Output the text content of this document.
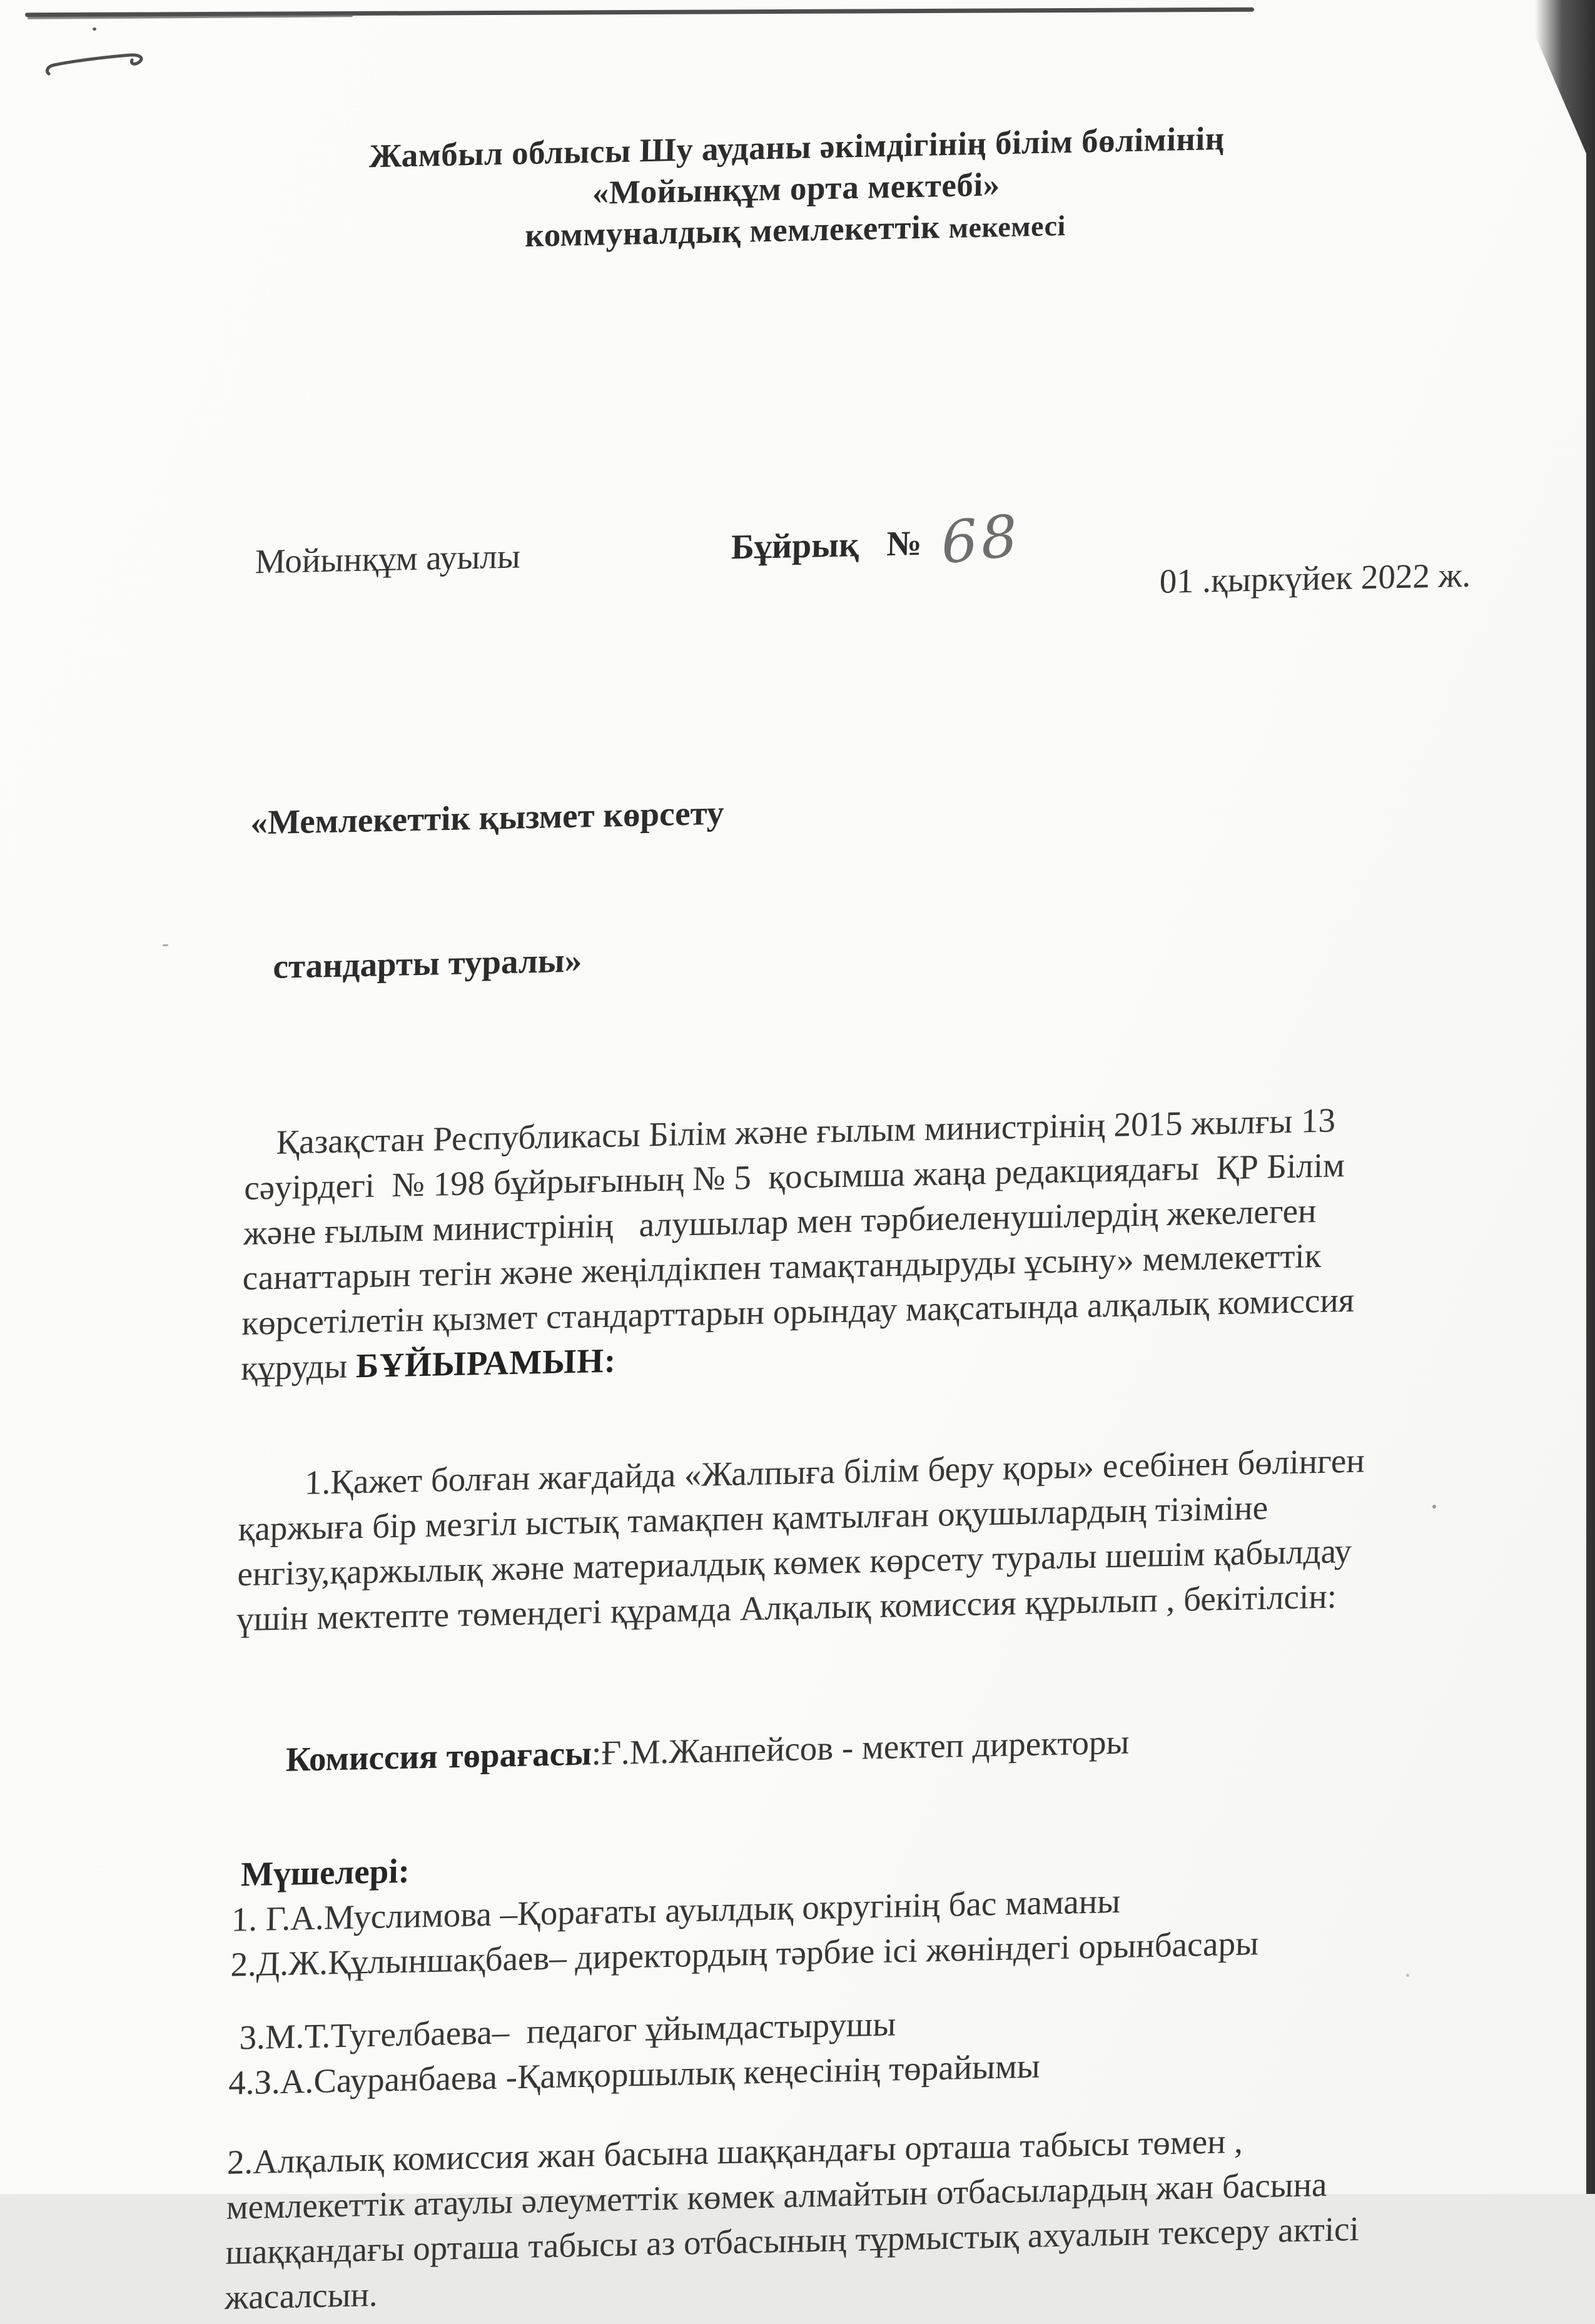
Жамбыл облысы Шу ауданы әкімдігінің білім бөлімінің
«Мойынқұм орта мектебі»
коммуналдық мемлекеттік мекемесі

Бұйрық № 68

Мойынқұм ауылы	01 .қыркүйек 2022 ж.

«Мемлекеттік қызмет көрсету

стандарты туралы»

Қазақстан Республикасы Білім және ғылым министрінің 2015 жылғы 13
сәуірдегі  № 198 бұйрығының № 5  қосымша жаңа редакциядағы  ҚР Білім
және ғылым министрінің   алушылар мен тәрбиеленушілердің жекелеген
санаттарын тегін және жеңілдікпен тамақтандыруды ұсыну» мемлекеттік
көрсетілетін қызмет стандарттарын орындау мақсатында алқалық комиссия
құруды БҰЙЫРАМЫН:
1.Қажет болған жағдайда «Жалпыға білім беру қоры» есебінен бөлінген
қаржыға бір мезгіл ыстық тамақпен қамтылған оқушылардың тізіміне
енгізу,қаржылық және материалдық көмек көрсету туралы шешім қабылдау
үшін мектепте төмендегі құрамда Алқалық комиссия құрылып , бекітілсін:

Комиссия төрағасы:Ғ.М.Жанпейсов - мектеп директоры

Мүшелері:
1. Г.А.Муслимова –Қорағаты ауылдық округінің бас маманы
2.Д.Ж.Құлыншақбаев– директордың тәрбие ісі жөніндегі орынбасары
3.М.Т.Тугелбаева–  педагог ұйымдастырушы
4.З.А.Сауранбаева -Қамқоршылық кеңесінің төрайымы
2.Алқалық комиссия жан басына шаққандағы орташа табысы төмен ,
мемлекеттік атаулы әлеуметтік көмек алмайтын отбасылардың жан басына
шаққандағы орташа табысы аз отбасының тұрмыстық ахуалын тексеру актісі
жасалсын.
